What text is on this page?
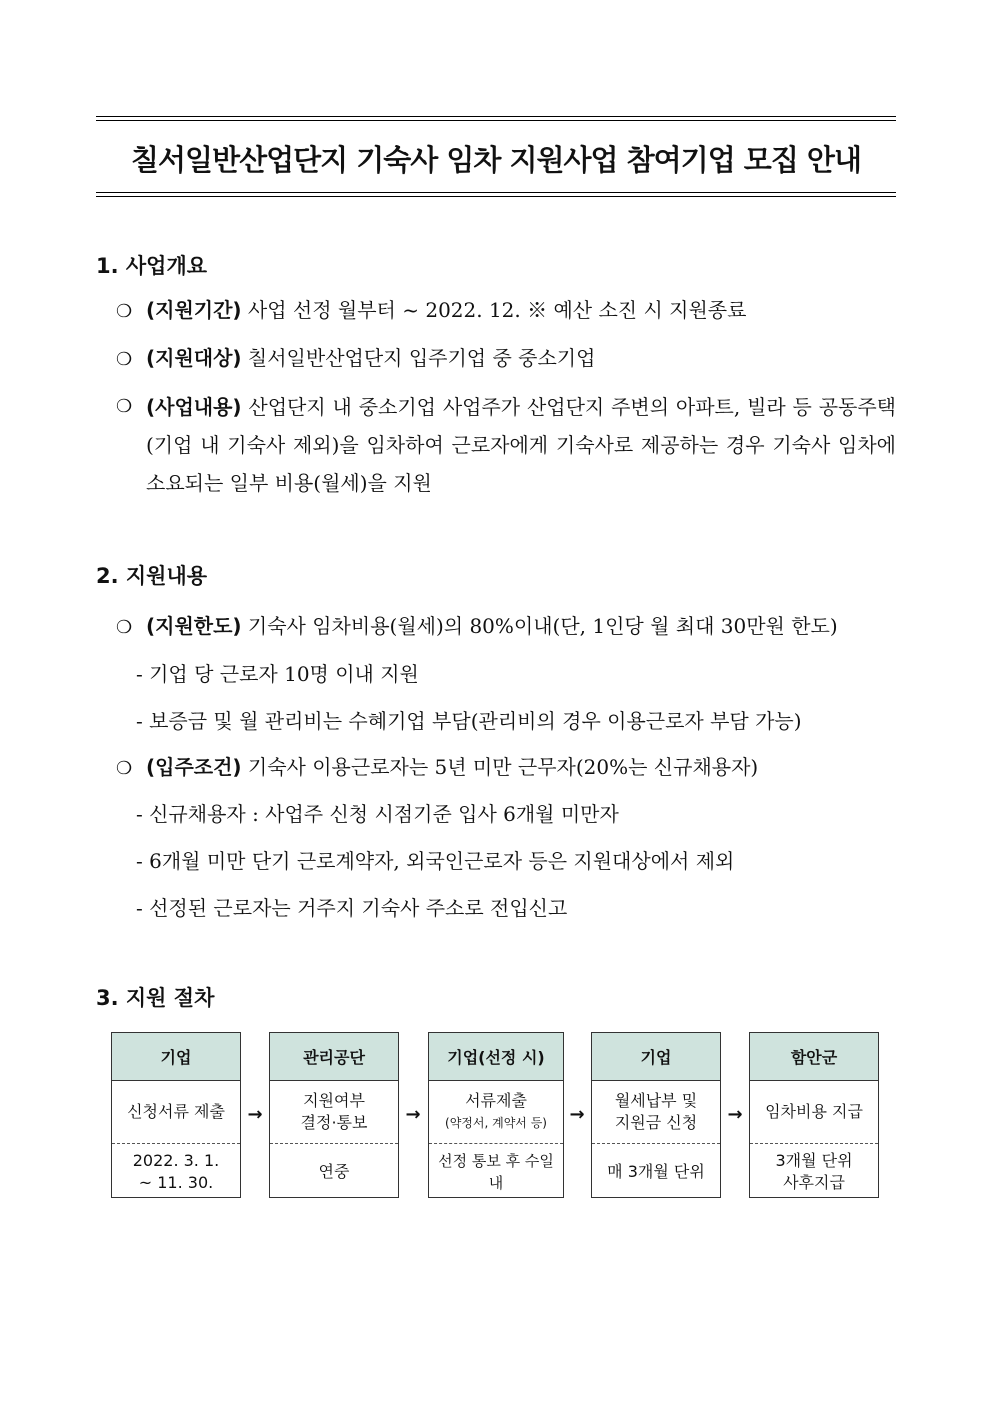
칠서일반산업단지 기숙사 임차 지원사업 참여기업 모집 안내
1. 사업개요
❍ (지원기간) 사업 선정 월부터 ~ 2022. 12. ※ 예산 소진 시 지원종료
❍ (지원대상) 칠서일반산업단지 입주기업 중 중소기업
❍ (사업내용) 산업단지 내 중소기업 사업주가 산업단지 주변의 아파트, 빌라 등 공동주택(기업 내 기숙사 제외)을 임차하여 근로자에게 기숙사로 제공하는 경우 기숙사 임차에 소요되는 일부 비용(월세)을 지원
2. 지원내용
❍ (지원한도) 기숙사 임차비용(월세)의 80%이내(단, 1인당 월 최대 30만원 한도)
- 기업 당 근로자 10명 이내 지원
- 보증금 및 월 관리비는 수혜기업 부담(관리비의 경우 이용근로자 부담 가능)
❍ (입주조건) 기숙사 이용근로자는 5년 미만 근무자(20%는 신규채용자)
- 신규채용자 : 사업주 신청 시점기준 입사 6개월 미만자
- 6개월 미만 단기 근로계약자, 외국인근로자 등은 지원대상에서 제외
- 선정된 근로자는 거주지 기숙사 주소로 전입신고
3. 지원 절차
기업
신청서류 제출
2022. 3. 1.
~ 11. 30.
→
관리공단
지원여부
결정·통보
연중
→
기업(선정 시)
서류제출
(약정서, 계약서 등)
선정 통보 후 수일 내
→
기업
월세납부 및
지원금 신청
매 3개월 단위
→
함안군
임차비용 지급
3개월 단위
사후지급
